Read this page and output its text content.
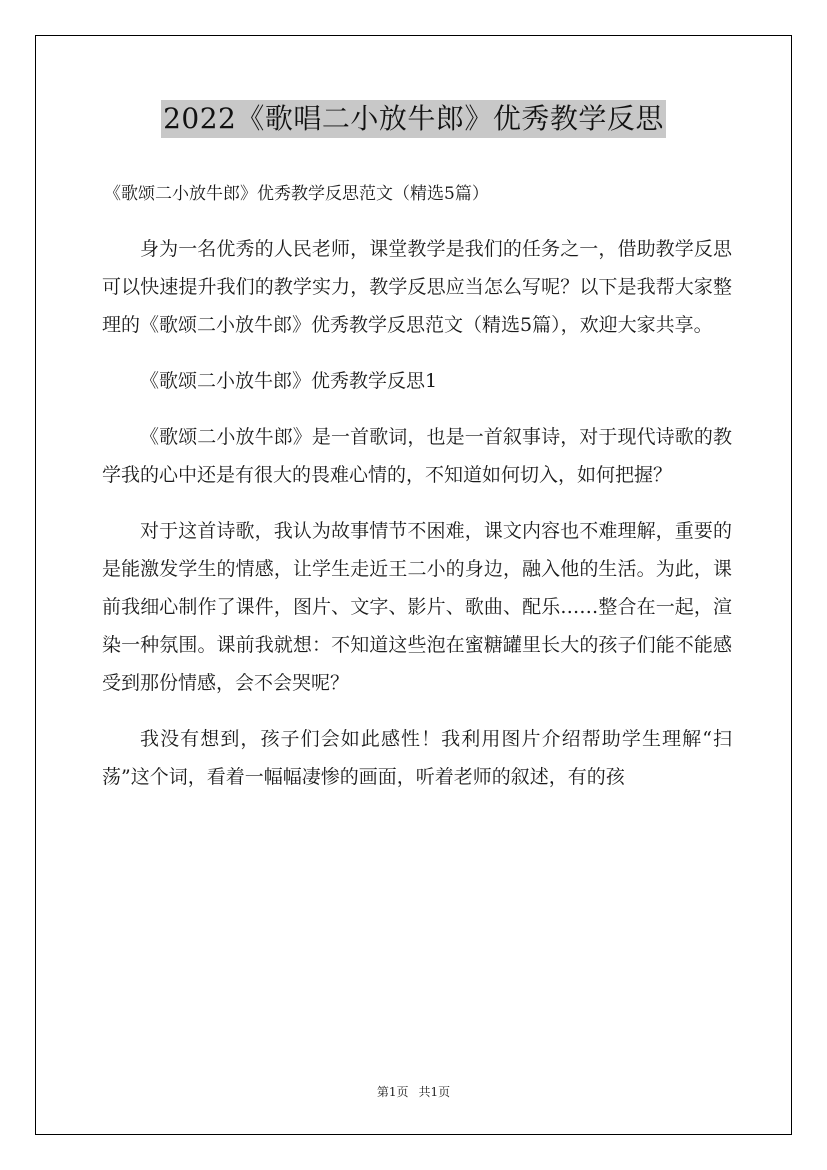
2022《歌唱二小放牛郎》优秀教学反思
《歌颂二小放牛郎》优秀教学反思范文（精选5篇）

身为一名优秀的人民老师，课堂教学是我们的任务之一，借助教学反思可以快速提升我们的教学实力，教学反思应当怎么写呢？以下是我帮大家整理的《歌颂二小放牛郎》优秀教学反思范文（精选5篇），欢迎大家共享。

《歌颂二小放牛郎》优秀教学反思1

《歌颂二小放牛郎》是一首歌词，也是一首叙事诗，对于现代诗歌的教学我的心中还是有很大的畏难心情的，不知道如何切入，如何把握？

对于这首诗歌，我认为故事情节不困难，课文内容也不难理解，重要的是能激发学生的情感，让学生走近王二小的身边，融入他的生活。为此，课前我细心制作了课件，图片、文字、影片、歌曲、配乐……整合在一起，渲染一种氛围。课前我就想：不知道这些泡在蜜糖罐里长大的孩子们能不能感受到那份情感，会不会哭呢？

我没有想到，孩子们会如此感性！我利用图片介绍帮助学生理解“扫荡”这个词，看着一幅幅凄惨的画面，听着老师的叙述，有的孩

第1页 共1页
